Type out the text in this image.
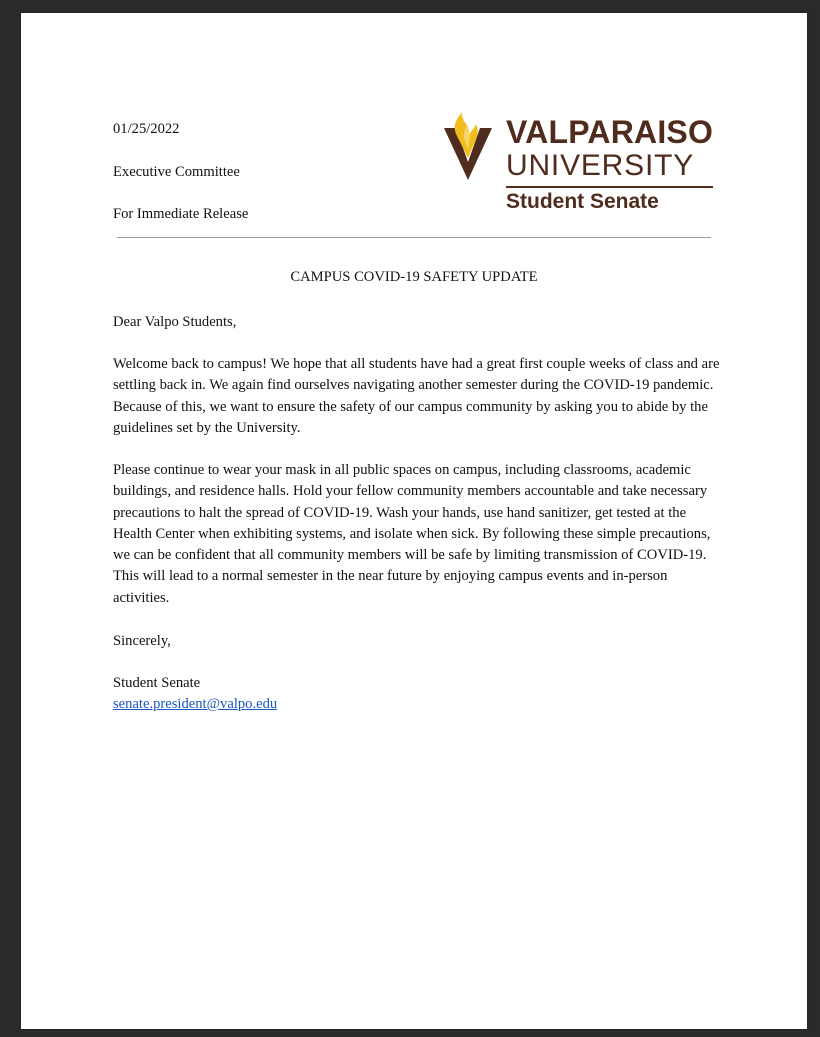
01/25/2022

Executive Committee

For Immediate Release

VALPARAISO

UNIVERSITY

Student Senate

CAMPUS COVID-19 SAFETY UPDATE

Dear Valpo Students,

Welcome back to campus! We hope that all students have had a great first couple weeks of class and are settling back in. We again find ourselves navigating another semester during the COVID-19 pandemic. Because of this, we want to ensure the safety of our campus community by asking you to abide by the guidelines set by the University.

Please continue to wear your mask in all public spaces on campus, including classrooms, academic buildings, and residence halls. Hold your fellow community members accountable and take necessary precautions to halt the spread of COVID-19. Wash your hands, use hand sanitizer, get tested at the Health Center when exhibiting systems, and isolate when sick. By following these simple precautions, we can be confident that all community members will be safe by limiting transmission of COVID-19. This will lead to a normal semester in the near future by enjoying campus events and in-person activities.

Sincerely,

Student Senate

senate.president@valpo.edu
